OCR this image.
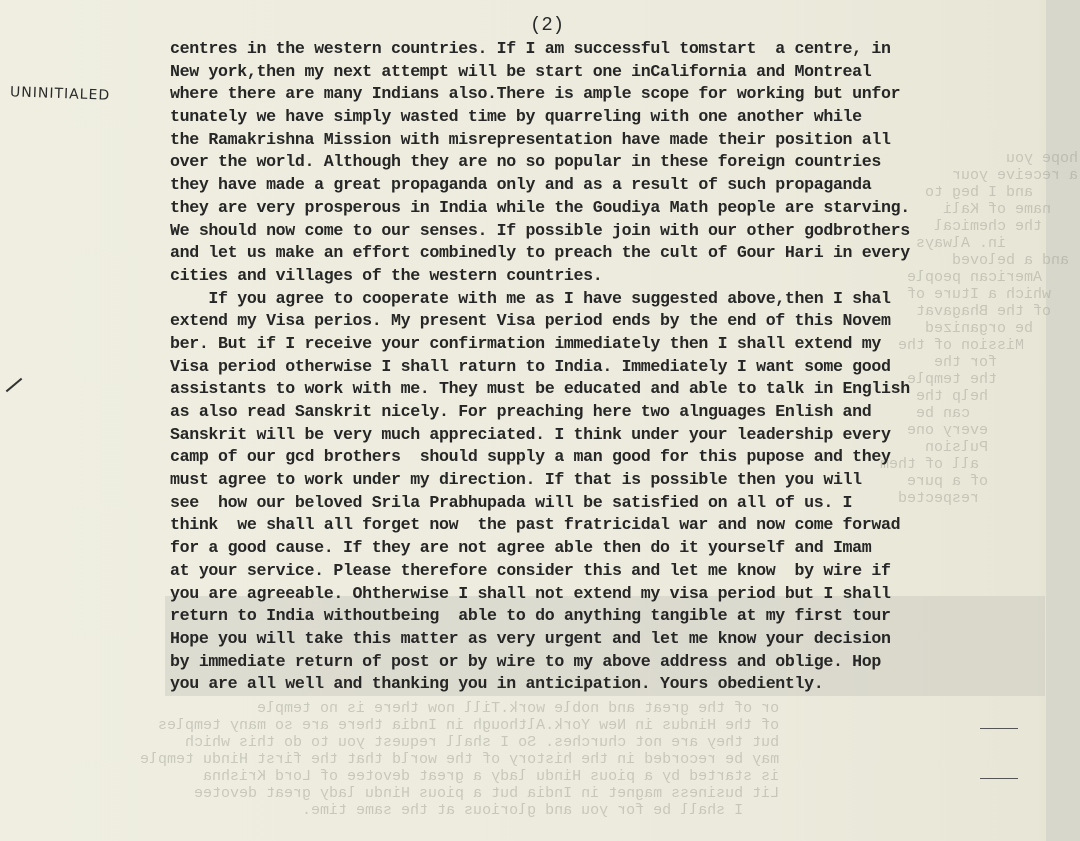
hope you
a receive your
and I beg to
name of Kali
the chemical
in. Always
and a beloved
American people
which a Iture of
of the Bhagavat
be organized
Mission of the
for the
the temple
help the
can be
every one
Pulsion
all of them
of a pure
respected
or of the great and noble work.Till now there is no temple
of the Hindus in New York.Although in India there are so many temples
but they are not churches. So I shall request you to do this which
may be recorded in the history of the world that the first Hindu temple
is started by a pious Hindu lady a great devotee of Lord Krishna
Lit business magnet in India but a pious Hindu lady great devotee
I shall be for you and glorious at the same time.
(2)
UNINITIALED
centres in the western countries. If I am successful tomstart  a centre, in
New york,then my next attempt will be start one inCalifornia and Montreal
where there are many Indians also.There is ample scope for working but unfor
tunately we have simply wasted time by quarreling with one another while
the Ramakrishna Mission with misrepresentation have made their position all
over the world. Although they are no so popular in these foreign countries
they have made a great propaganda only and as a result of such propaganda
they are very prosperous in India while the Goudiya Math people are starving.
We should now come to our senses. If possible join with our other godbrothers
and let us make an effort combinedly to preach the cult of Gour Hari in every
cities and villages of the western countries.
If you agree to cooperate with me as I have suggested above,then I shal
extend my Visa perios. My present Visa period ends by the end of this Novem
ber. But if I receive your confirmation immediately then I shall extend my
Visa period otherwise I shall raturn to India. Immediately I want some good
assistants to work with me. They must be educated and able to talk in English
as also read Sanskrit nicely. For preaching here two alnguages Enlish and
Sanskrit will be very much appreciated. I think under your leadership every
camp of our gcd brothers  should supply a man good for this pupose and they
must agree to work under my direction. If that is possible then you will
see  how our beloved Srila Prabhupada will be satisfied on all of us. I
think  we shall all forget now  the past fratricidal war and now come forwad
for a good cause. If they are not agree able then do it yourself and Imam
at your service. Please therefore consider this and let me know  by wire if
you are agreeable. Ohtherwise I shall not extend my visa period but I shall
return to India withoutbeing  able to do anything tangible at my first tour
Hope you will take this matter as very urgent and let me know your decision
by immediate return of post or by wire to my above address and oblige. Hop
you are all well and thanking you in anticipation. Yours obediently.
